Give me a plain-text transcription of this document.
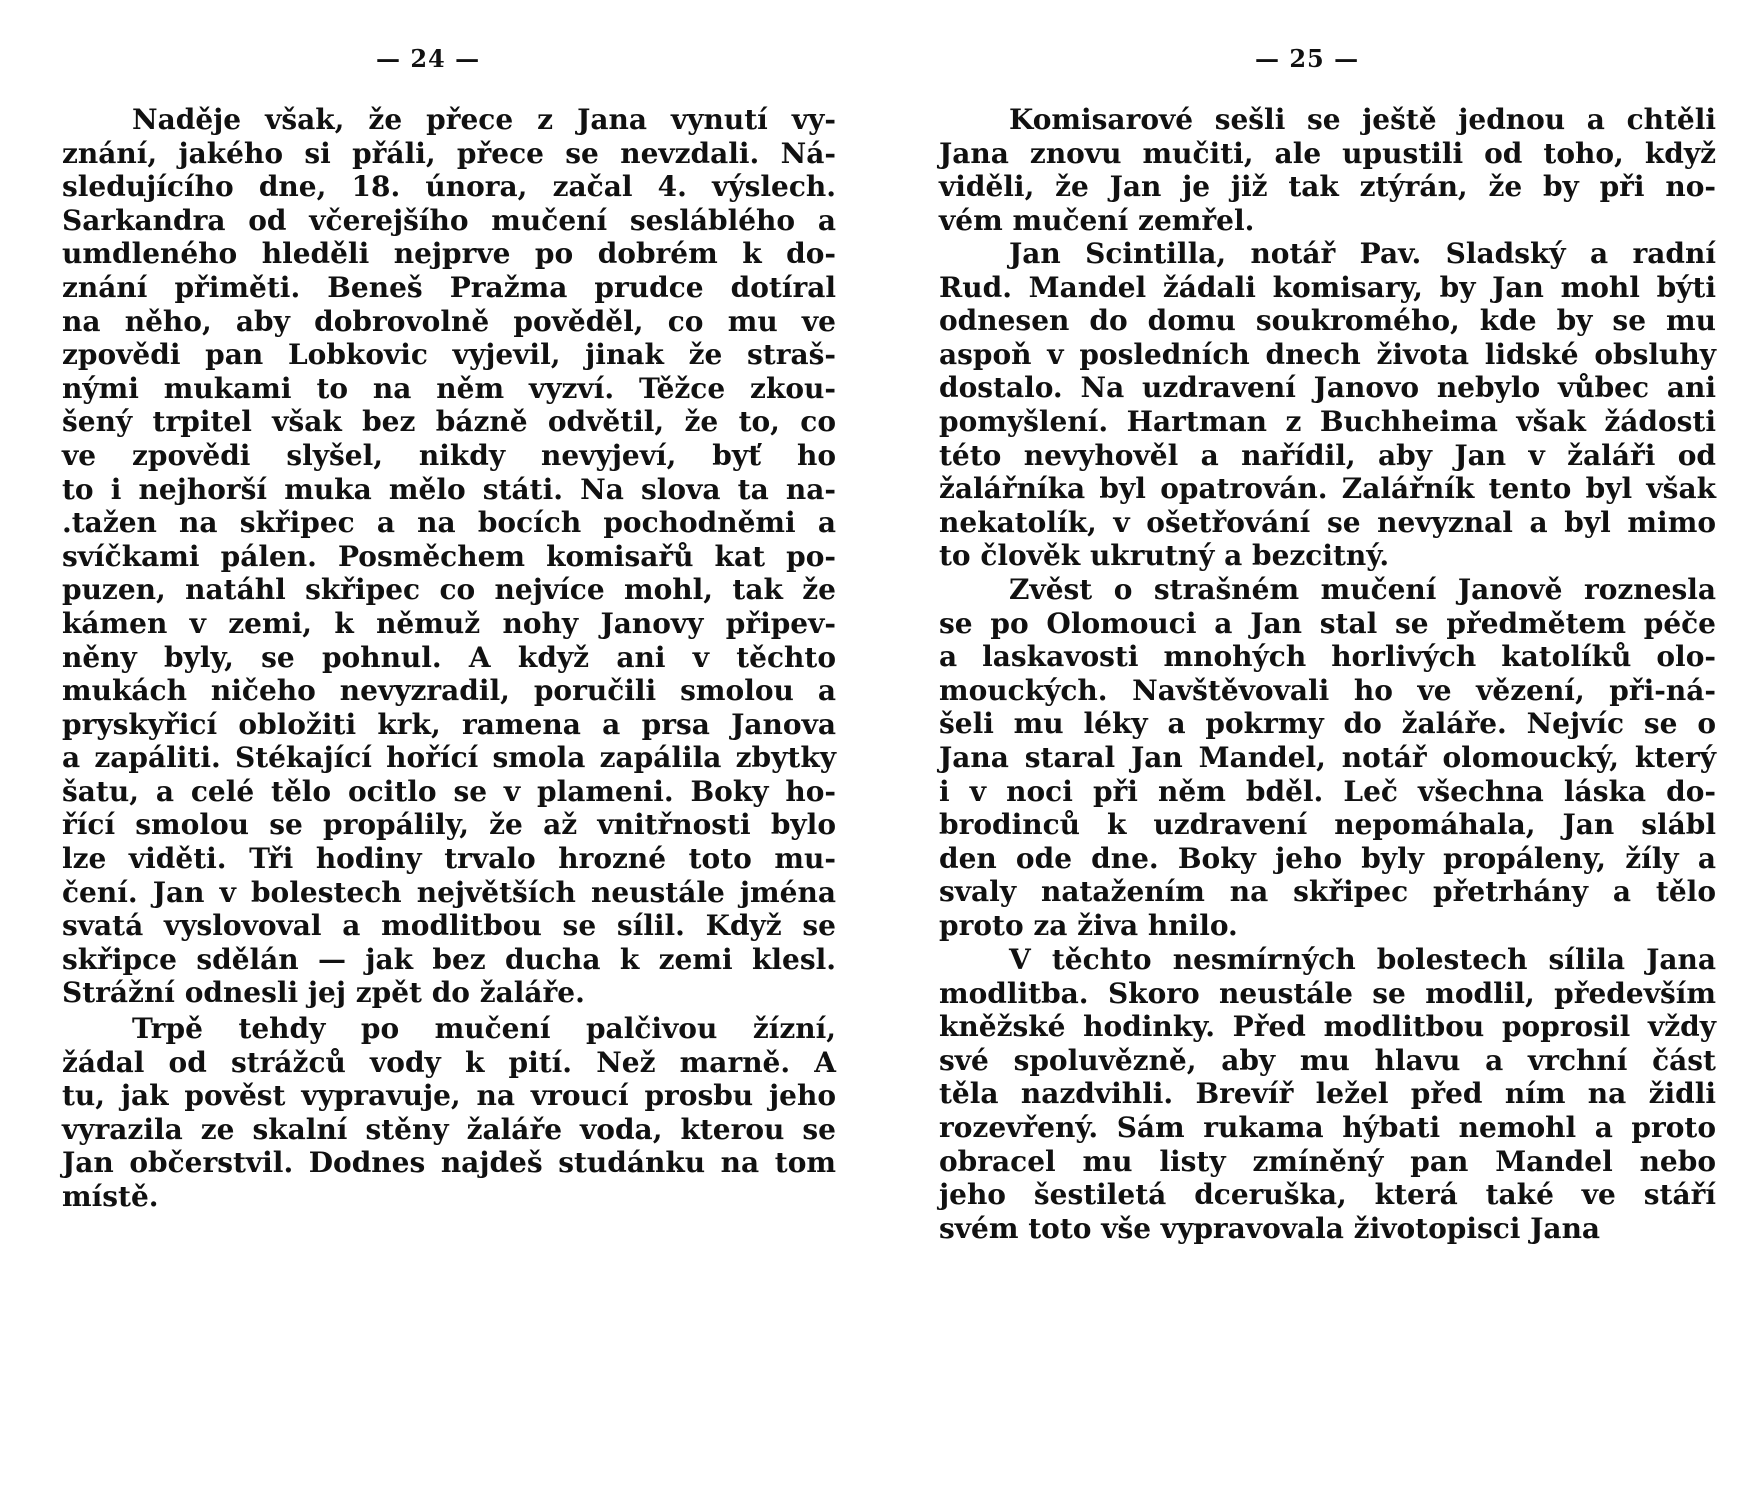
— 24 —
Naděje však, že přece z Jana vynutí vy-
znání, jakého si přáli, přece se nevzdali. Ná-
sledujícího dne, 18. února, začal 4. výslech.
Sarkandra od včerejšího mučení sesláblého a
umdleného hleděli nejprve po dobrém k do-
znání přiměti. Beneš Pražma prudce dotíral
na něho, aby dobrovolně pověděl, co mu ve
zpovědi pan Lobkovic vyjevil, jinak že straš-
nými mukami to na něm vyzví. Těžce zkou-
šený trpitel však bez bázně odvětil, že to, co
ve zpovědi slyšel, nikdy nevyjeví, byť ho
to i nejhorší muka mělo státi. Na slova ta na-
.tažen na skřipec a na bocích pochodněmi a
svíčkami pálen. Posměchem komisařů kat po-
puzen, natáhl skřipec co nejvíce mohl, tak že
kámen v zemi, k němuž nohy Janovy připev-
něny byly, se pohnul. A když ani v těchto
mukách ničeho nevyzradil, poručili smolou a
pryskyřicí obložiti krk, ramena a prsa Janova
a zapáliti. Stékající hořící smola zapálila zbytky
šatu, a celé tělo ocitlo se v plameni. Boky ho-
řící smolou se propálily, že až vnitřnosti bylo
lze viděti. Tři hodiny trvalo hrozné toto mu-
čení. Jan v bolestech největších neustále jména
svatá vyslovoval a modlitbou se sílil. Když se
skřipce sdělán — jak bez ducha k zemi klesl.
Strážní odnesli jej zpět do žaláře.
Trpě tehdy po mučení palčivou žízní,
žádal od strážců vody k pití. Než marně. A
tu, jak pověst vypravuje, na vroucí prosbu jeho
vyrazila ze skalní stěny žaláře voda, kterou se
Jan občerstvil. Dodnes najdeš studánku na tom
místě.
— 25 —
Komisarové sešli se ještě jednou a chtěli
Jana znovu mučiti, ale upustili od toho, když
viděli, že Jan je již tak ztýrán, že by při no-
vém mučení zemřel.
Jan Scintilla, notář Pav. Sladský a radní
Rud. Mandel žádali komisary, by Jan mohl býti
odnesen do domu soukromého, kde by se mu
aspoň v posledních dnech života lidské obsluhy
dostalo. Na uzdravení Janovo nebylo vůbec ani
pomyšlení. Hartman z Buchheima však žádosti
této nevyhověl a nařídil, aby Jan v žaláři od
žalářníka byl opatrován. Zalářník tento byl však
nekatolík, v ošetřování se nevyznal a byl mimo
to člověk ukrutný a bezcitný.
Zvěst o strašném mučení Janově roznesla
se po Olomouci a Jan stal se předmětem péče
a laskavosti mnohých horlivých katolíků olo-
mouckých. Navštěvovali ho ve vězení, při-ná-
šeli mu léky a pokrmy do žaláře. Nejvíc se o
Jana staral Jan Mandel, notář olomoucký, který
i v noci při něm bděl. Leč všechna láska do-
brodinců k uzdravení nepomáhala, Jan slábl
den ode dne. Boky jeho byly propáleny, žíly a
svaly natažením na skřipec přetrhány a tělo
proto za živa hnilo.
V těchto nesmírných bolestech sílila Jana
modlitba. Skoro neustále se modlil, především
kněžské hodinky. Před modlitbou poprosil vždy
své spoluvězně, aby mu hlavu a vrchní část
těla nazdvihli. Brevíř ležel před ním na židli
rozevřený. Sám rukama hýbati nemohl a proto
obracel mu listy zmíněný pan Mandel nebo
jeho šestiletá dceruška, která také ve stáří
svém toto vše vypravovala životopisci Jana
